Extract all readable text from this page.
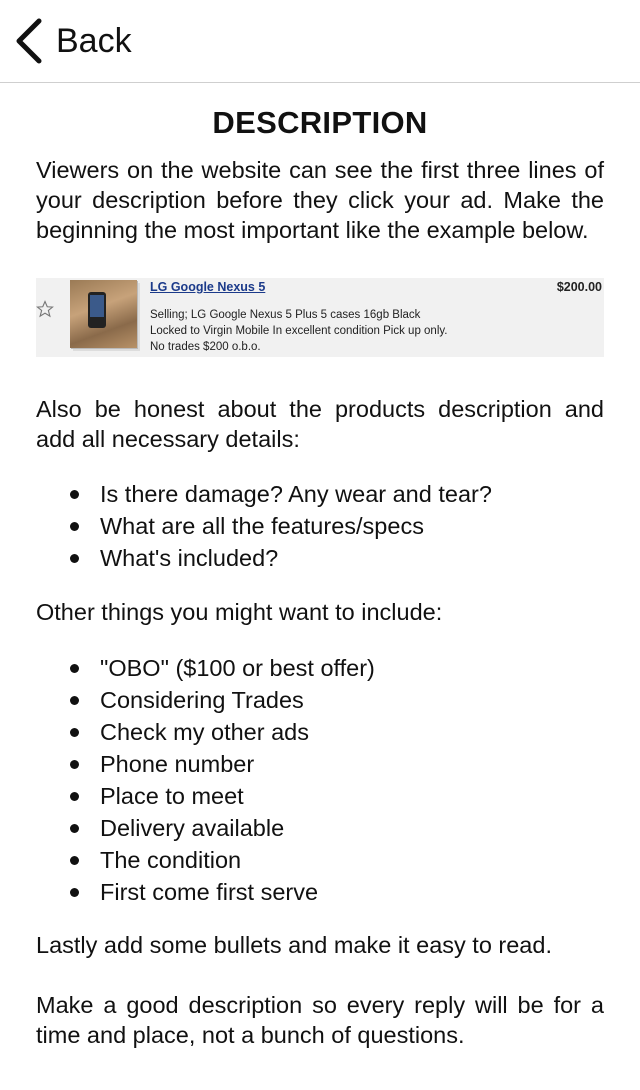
Back
DESCRIPTION

Viewers on the website can see the first three lines of your description before they click your ad. Make the beginning the most important like the example below.

LG Google Nexus 5	$200.00
Selling; LG Google Nexus 5 Plus 5 cases 16gb Black
Locked to Virgin Mobile In excellent condition Pick up only.
No trades $200 o.b.o.

Also be honest about the products description and add all necessary details:

Is there damage? Any wear and tear?
What are all the features/specs
What's included?

Other things you might want to include:

"OBO" ($100 or best offer)
Considering Trades
Check my other ads
Phone number
Place to meet
Delivery available
The condition
First come first serve

Lastly add some bullets and make it easy to read.

Make a good description so every reply will be for a time and place, not a bunch of questions.
